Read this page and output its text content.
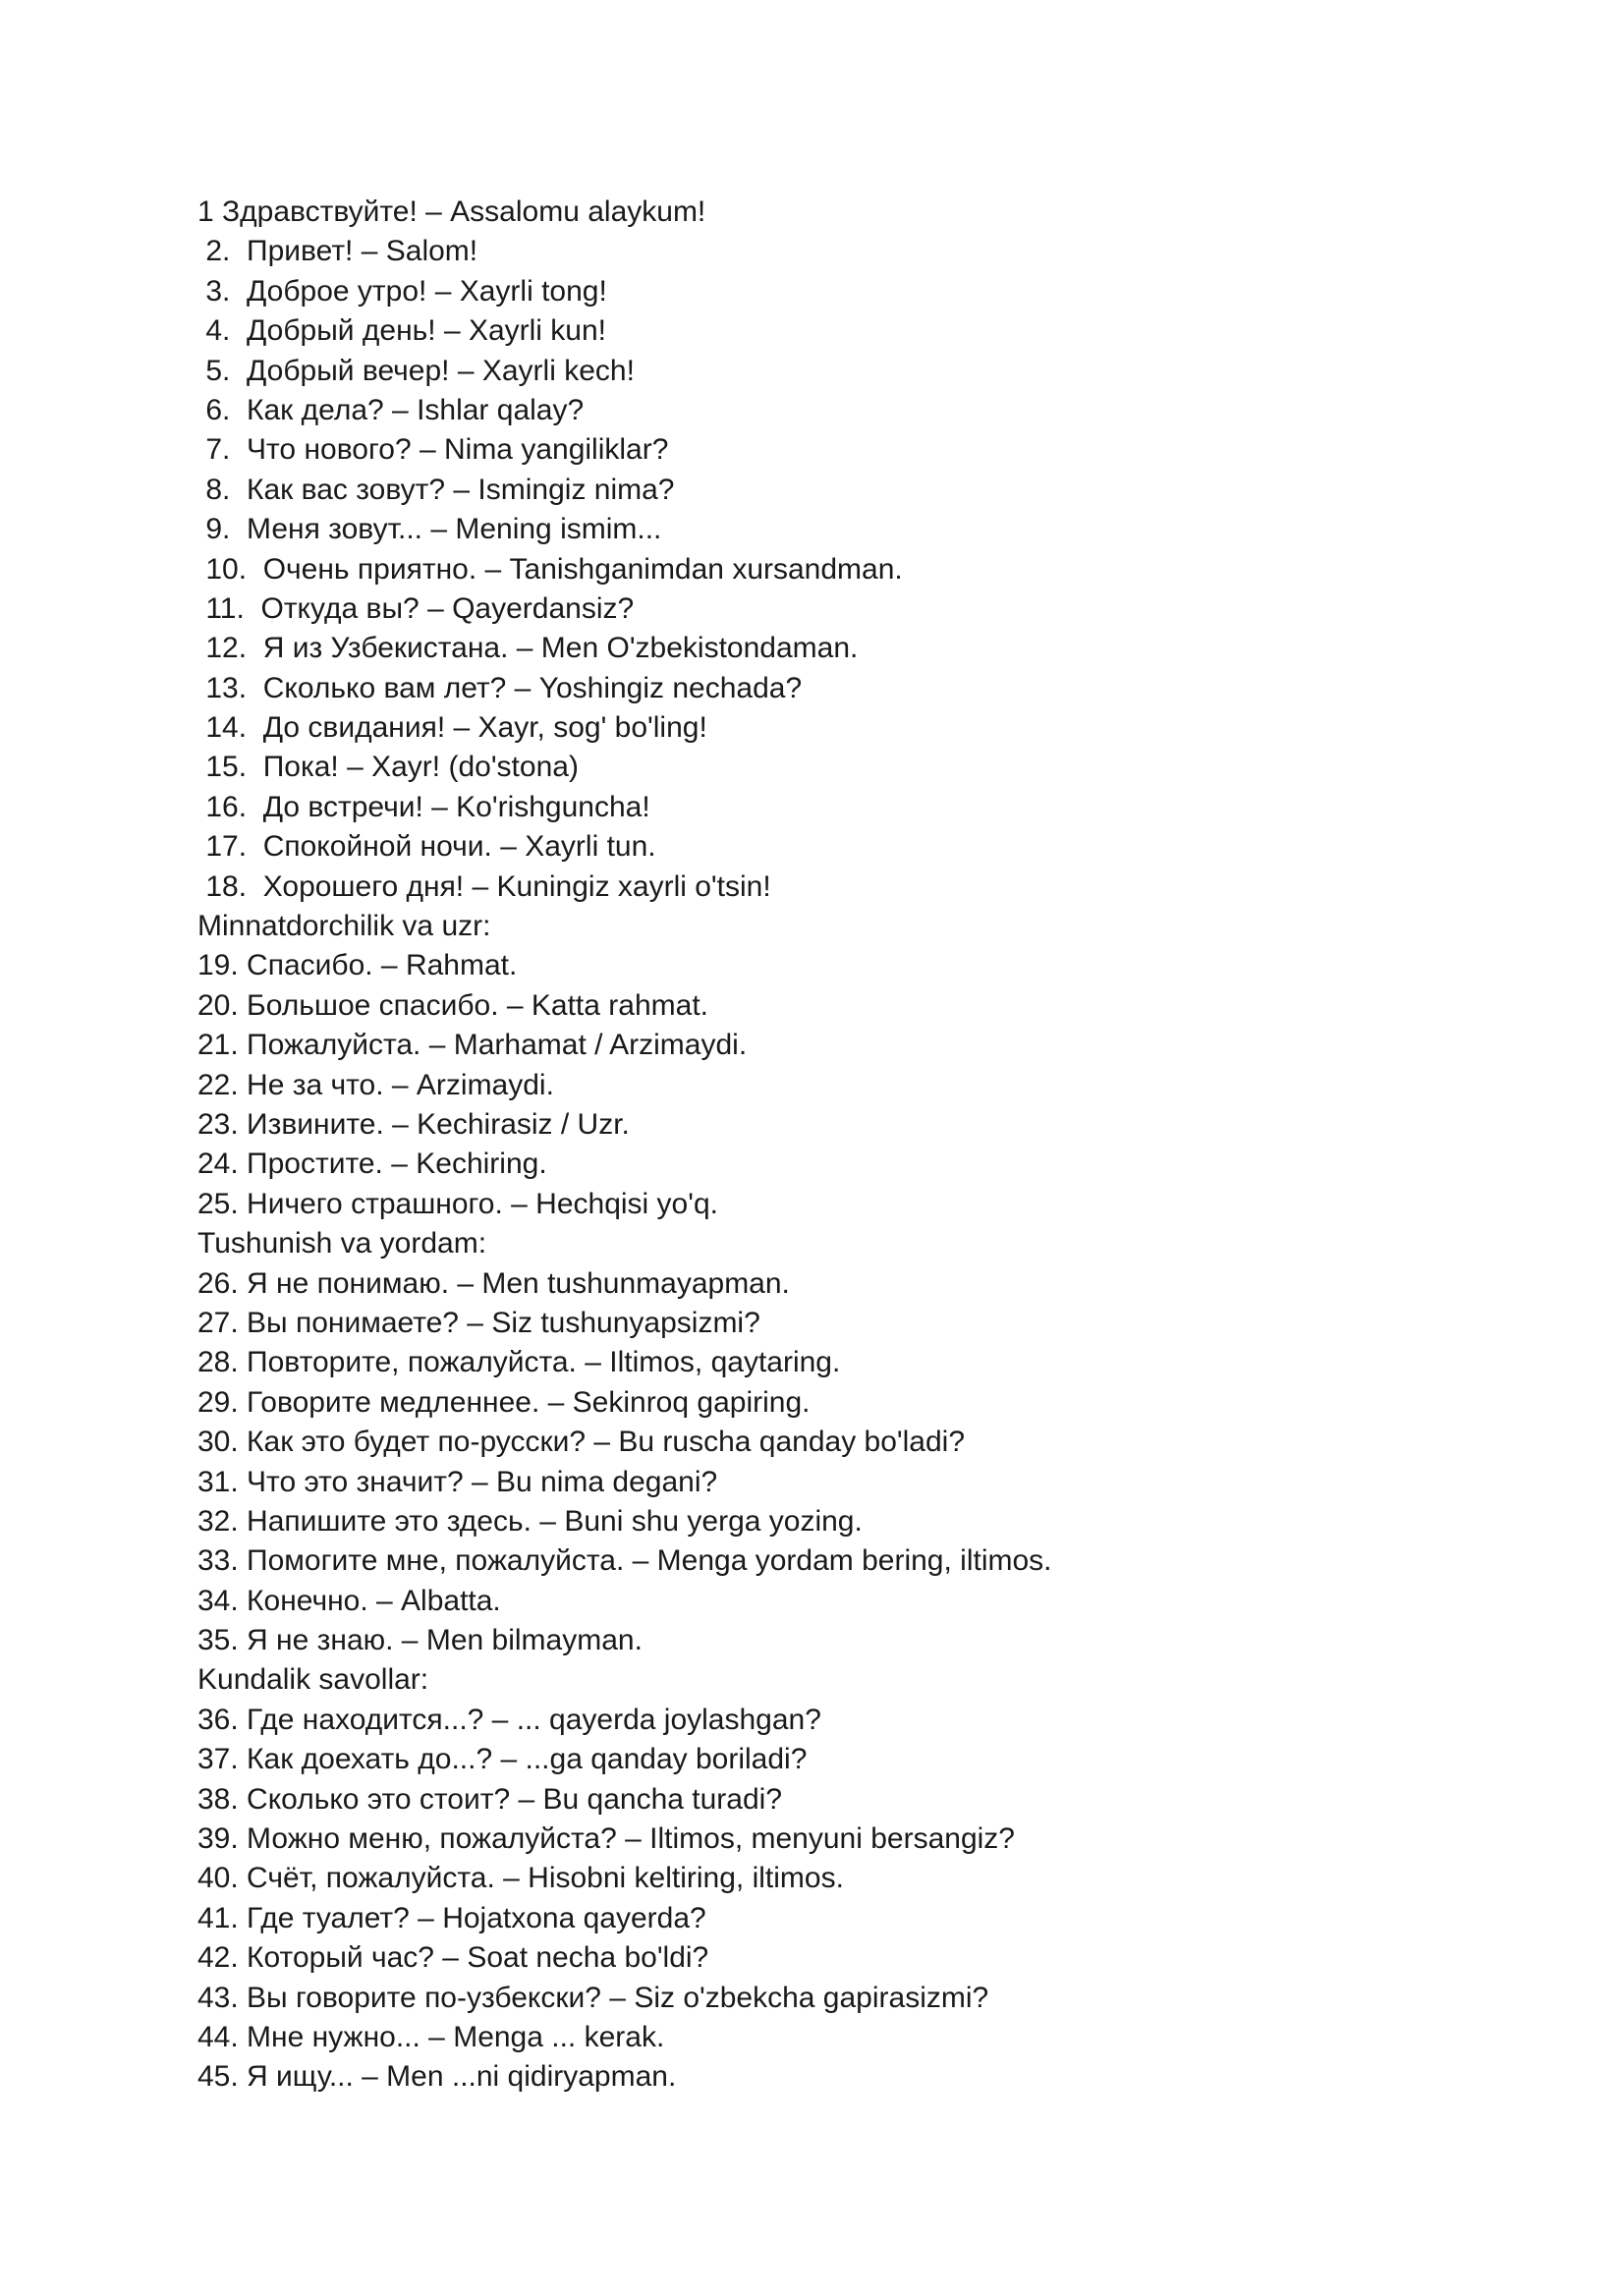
1 Здравствуйте! – Assalomu alaykum!
2.  Привет! – Salom!
3.  Доброе утро! – Xayrli tong!
4.  Добрый день! – Xayrli kun!
5.  Добрый вечер! – Xayrli kech!
6.  Как дела? – Ishlar qalay?
7.  Что нового? – Nima yangiliklar?
8.  Как вас зовут? – Ismingiz nima?
9.  Меня зовут... – Mening ismim...
10.  Очень приятно. – Tanishganimdan xursandman.
11.  Откуда вы? – Qayerdansiz?
12.  Я из Узбекистана. – Men O'zbekistondaman.
13.  Сколько вам лет? – Yoshingiz nechada?
14.  До свидания! – Xayr, sog' bo'ling!
15.  Пока! – Xayr! (do'stona)
16.  До встречи! – Ko'rishguncha!
17.  Спокойной ночи. – Xayrli tun.
18.  Хорошего дня! – Kuningiz xayrli o'tsin!
Minnatdorchilik va uzr:
19. Спасибо. – Rahmat.
20. Большое спасибо. – Katta rahmat.
21. Пожалуйста. – Marhamat / Arzimaydi.
22. Не за что. – Arzimaydi.
23. Извините. – Kechirasiz / Uzr.
24. Простите. – Kechiring.
25. Ничего страшного. – Hechqisi yo'q.
Tushunish va yordam:
26. Я не понимаю. – Men tushunmayapman.
27. Вы понимаете? – Siz tushunyapsizmi?
28. Повторите, пожалуйста. – Iltimos, qaytaring.
29. Говорите медленнее. – Sekinroq gapiring.
30. Как это будет по-русски? – Bu ruscha qanday bo'ladi?
31. Что это значит? – Bu nima degani?
32. Напишите это здесь. – Buni shu yerga yozing.
33. Помогите мне, пожалуйста. – Menga yordam bering, iltimos.
34. Конечно. – Albatta.
35. Я не знаю. – Men bilmayman.
Kundalik savollar:
36. Где находится...? – ... qayerda joylashgan?
37. Как доехать до...? – ...ga qanday boriladi?
38. Сколько это стоит? – Bu qancha turadi?
39. Можно меню, пожалуйста? – Iltimos, menyuni bersangiz?
40. Счёт, пожалуйста. – Hisobni keltiring, iltimos.
41. Где туалет? – Hojatxona qayerda?
42. Который час? – Soat necha bo'ldi?
43. Вы говорите по-узбекски? – Siz o'zbekcha gapirasizmi?
44. Мне нужно... – Menga ... kerak.
45. Я ищу... – Men ...ni qidiryapman.
